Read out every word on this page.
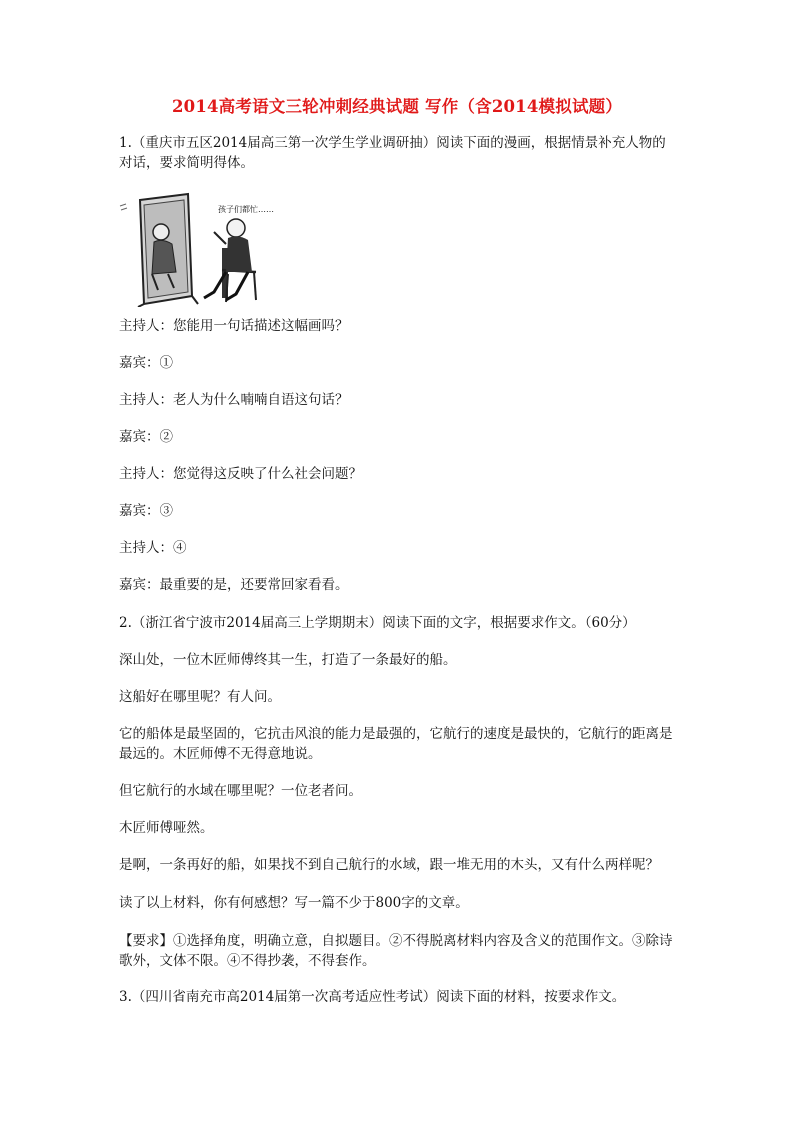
2014高考语文三轮冲刺经典试题 写作（含2014模拟试题）

1.（重庆市五区2014届高三第一次学生学业调研抽）阅读下面的漫画，根据情景补充人物的对话，要求简明得体。

孩子们都忙……

主持人：您能用一句话描述这幅画吗？

嘉宾：①

主持人：老人为什么喃喃自语这句话？

嘉宾：②

主持人：您觉得这反映了什么社会问题？

嘉宾：③

主持人：④

嘉宾：最重要的是，还要常回家看看。

2.（浙江省宁波市2014届高三上学期期末）阅读下面的文字，根据要求作文。（60分）

深山处，一位木匠师傅终其一生，打造了一条最好的船。

这船好在哪里呢？有人问。

它的船体是最坚固的，它抗击风浪的能力是最强的，它航行的速度是最快的，它航行的距离是最远的。木匠师傅不无得意地说。

但它航行的水域在哪里呢？一位老者问。

木匠师傅哑然。

是啊，一条再好的船，如果找不到自己航行的水域，跟一堆无用的木头，又有什么两样呢？

读了以上材料，你有何感想？写一篇不少于800字的文章。

【要求】①选择角度，明确立意，自拟题目。②不得脱离材料内容及含义的范围作文。③除诗歌外，文体不限。④不得抄袭，不得套作。

3.（四川省南充市高2014届第一次高考适应性考试）阅读下面的材料，按要求作文。
